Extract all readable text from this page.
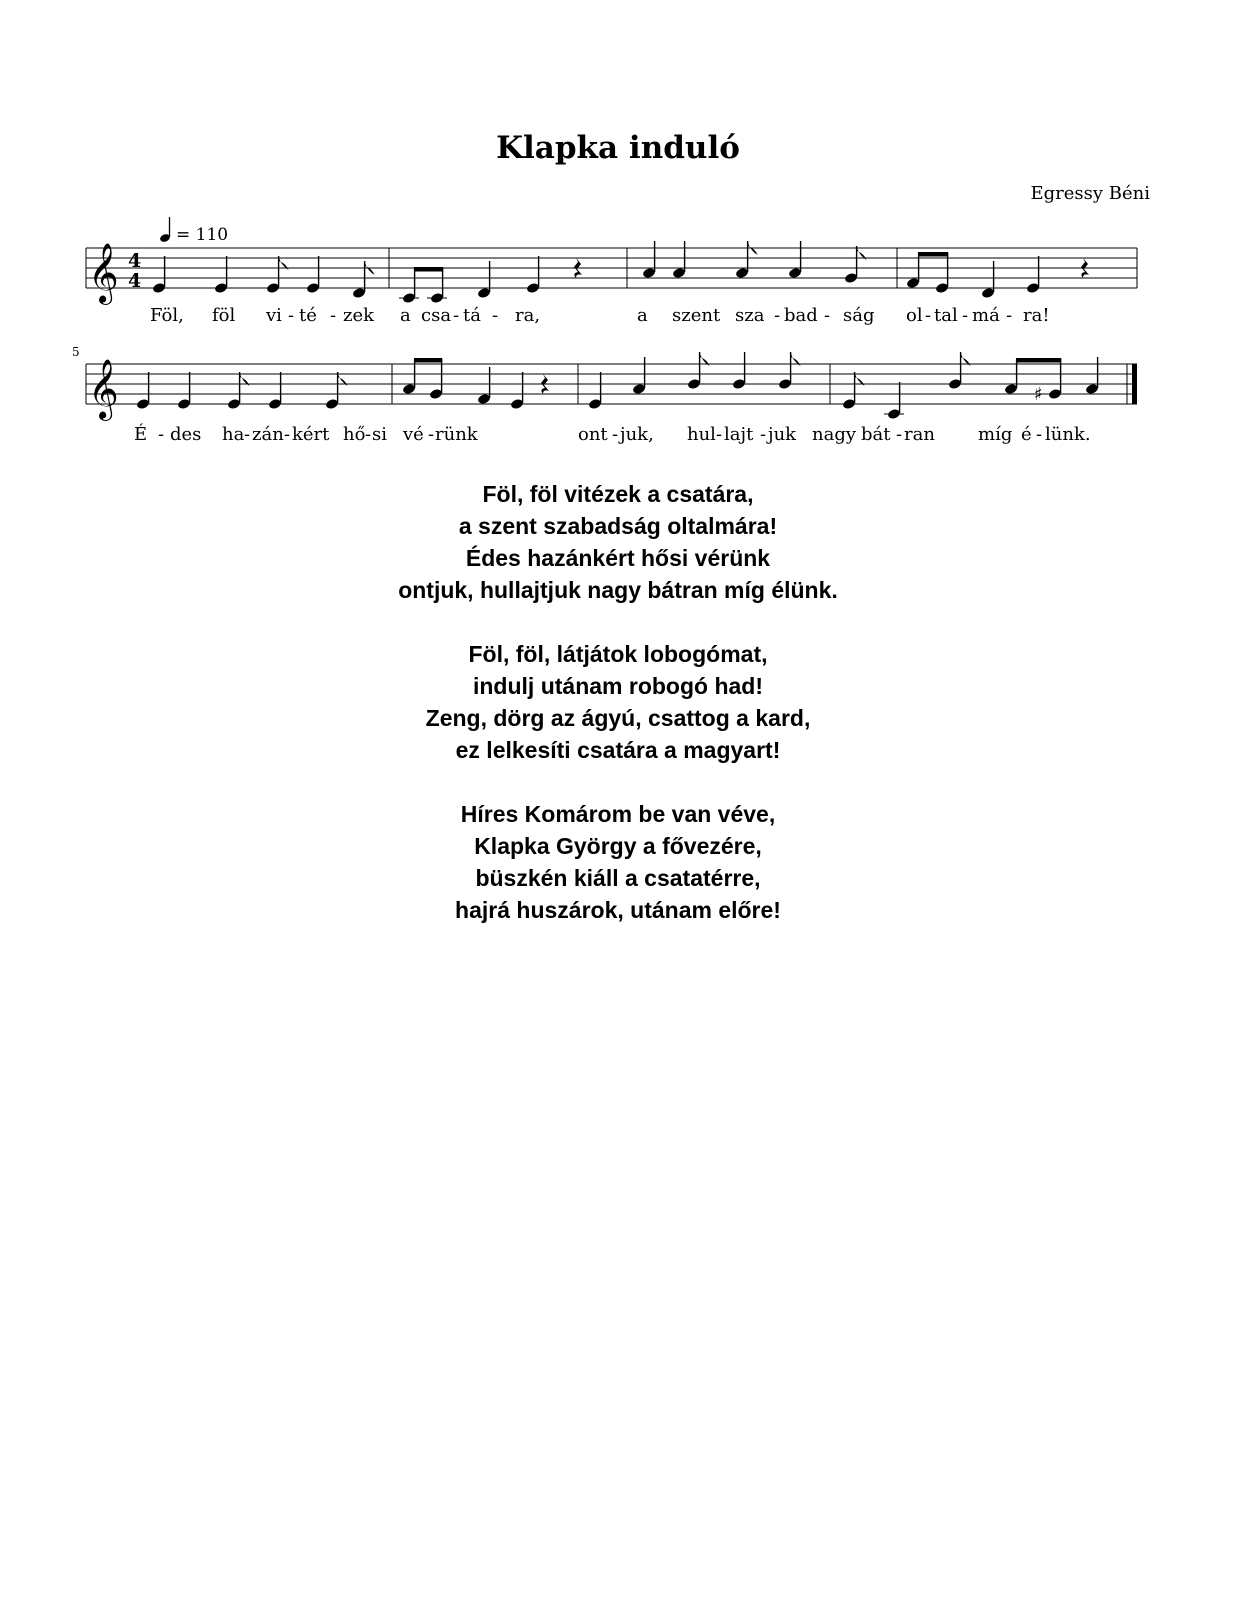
Klapka induló
Egressy Béni
𝄞 4
4
= 110
5
𝄞	♯
Föl, föl vi - té - zek a csa - tá - ra,	a szent sza - bad - ság ol - tal - má - ra!
É - des ha - zán - kért hő - si vé - rünk	ont - juk, hul - lajt - juk nagy bát - ran míg é - lünk.
Föl, föl vitézek a csatára,
a szent szabadság oltalmára!
Édes hazánkért hősi vérünk
ontjuk, hullajtjuk nagy bátran míg élünk.
Föl, föl, látjátok lobogómat,
indulj utánam robogó had!
Zeng, dörg az ágyú, csattog a kard,
ez lelkesíti csatára a magyart!
Híres Komárom be van véve,
Klapka György a fővezére,
büszkén kiáll a csatatérre,
hajrá huszárok, utánam előre!
